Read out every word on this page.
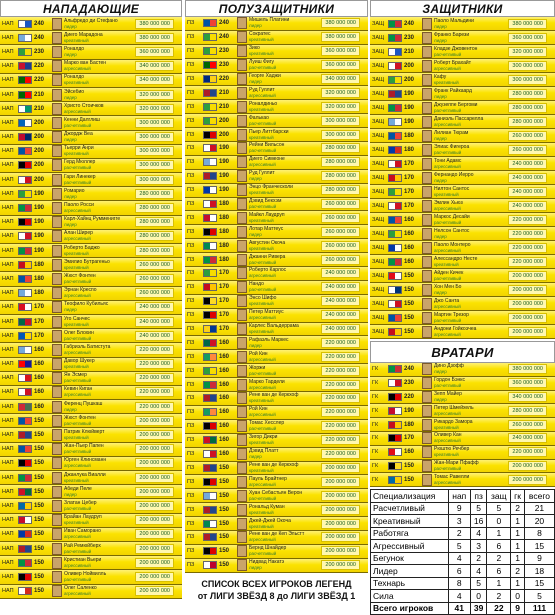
НАПАДАЮЩИЕ
НАП	240	Альфредо ди Стефано
лидер	380 000 000
НАП	240	Диего Марадона
креативный	380 000 000
НАП	230	Роналдо
лидер	360 000 000
НАП	220	Марко ван Бастен
агрессивный	340 000 000
НАП	220	Роналдо
креативный	340 000 000
НАП	210	Эйсебио
лидер	320 000 000
НАП	210	Христо Стоичков
агрессивный	320 000 000
НАП	200	Кенни Далглиш
расчетливый	300 000 000
НАП	200	Джордж Веа
лидер	300 000 000
НАП	200	Тьерри Анри
креативный	300 000 000
НАП	200	Герд Мюллер
расчетливый	300 000 000
НАП	200	Гари Линекер
расчетливый	300 000 000
НАП	190	Ромарио
лидер	280 000 000
НАП	190	Паоло Росси
агрессивный	280 000 000
НАП	190	Карл-Хайнц Румменигге
лидер	280 000 000
НАП	190	Алан Ширер
агрессивный	280 000 000
НАП	190	Роберто Баджо
креативный	280 000 000
НАП	180	Эмилио Бутрагеньо
креативный	260 000 000
НАП	180	Жюст Фонтен
расчетливый	260 000 000
НАП	180	Эрнан Креспо
агрессивный	260 000 000
НАП	170	Теофило Кубильяс
лидер	240 000 000
НАП	170	Уго Санчес
креативный	240 000 000
НАП	170	Олег Блохин
расчетливый	240 000 000
НАП	160	Габриэль Батистута
агрессивный	220 000 000
НАП	160	Давор Шукер
креативный	220 000 000
НАП	160	Ян Эсмер
расчетливый	220 000 000
НАП	160	Кевин Киган
агрессивный	220 000 000
НАП	160	Ференц Пушкаш
лидер	220 000 000
НАП	150	Жюст Фонтен
расчетливый	200 000 000
НАП	150	Патрик Клюйверт
креативный	200 000 000
НАП	150	Жан-Пьер Папен
расчетливый	200 000 000
НАП	150	Юрген Клинсманн
агрессивный	200 000 000
НАП	150	Джанлука Виалли
креативный	200 000 000
НАП	150	Абеди Пеле
лидер	200 000 000
НАП	150	Златан Цебер
расчетливый	200 000 000
НАП	150	Брайан Лаудруп
креативный	200 000 000
НАП	150	Иван Саморано
агрессивный	200 000 000
НАП	150	Рай Ремюйберх
расчетливый	200 000 000
НАП	150	Кристиан Вьери
агрессивный	200 000 000
НАП	150	Оливер Нойвилль
расчетливый	200 000 000
НАП	150	Олег Саленко
агрессивный	200 000 000
ПОЛУЗАЩИТНИКИ
ПЗ	240	Мишель Платини
лидер	380 000 000
ПЗ	240	Сократес
креативный	380 000 000
ПЗ	230	Зико
креативный	360 000 000
ПЗ	230	Луиш Фигу
расчетливый	360 000 000
ПЗ	220	Георге Хаджи
лидер	340 000 000
ПЗ	210	Руд Гуллит
агрессивный	320 000 000
ПЗ	210	Роналдиньо
креативный	320 000 000
ПЗ	200	Фалькао
расчетливый	300 000 000
ПЗ	200	Пьер Литтбарски
креативный	300 000 000
ПЗ	190	Рейни Вильсон
расчетливый	280 000 000
ПЗ	190	Диего Симеоне
агрессивный	280 000 000
ПЗ	190	Руд Гуллит
лидер	280 000 000
ПЗ	190	Энцо Франческоли
креативный	280 000 000
ПЗ	180	Дэвид Бекхэм
расчетливый	260 000 000
ПЗ	180	Майкл Лаудруп
креативный	260 000 000
ПЗ	180	Лотар Маттеус
лидер	260 000 000
ПЗ	180	Августин Окоча
креативный	260 000 000
ПЗ	180	Джанни Ривера
расчетливый	260 000 000
ПЗ	170	Роберто Карлос
агрессивный	240 000 000
ПЗ	170	Нандо
расчетливый	240 000 000
ПЗ	170	Энсо Шифо
креативный	240 000 000
ПЗ	170	Петер Маттиус
агрессивный	240 000 000
ПЗ	170	Карлес Вальдеррама
креативный	240 000 000
ПЗ	160	Рафаэль Маркес
лидер	220 000 000
ПЗ	160	Рой Кин
агрессивный	220 000 000
ПЗ	160	Жоржи
расчетливый	220 000 000
ПЗ	160	Марко Тардели
агрессивный	220 000 000
ПЗ	160	Рене ван де Керкхоф
креативный	220 000 000
ПЗ	160	Рой Кин
агрессивный	220 000 000
ПЗ	160	Томас Хесслер
расчетливый	220 000 000
ПЗ	160	Зигор Дикри
креативный	220 000 000
ПЗ	160	Дэвид Платт
лидер	220 000 000
ПЗ	150	Рене ван де Керкхоф
креативный	200 000 000
ПЗ	150	Пауль Брайтнер
агрессивный	200 000 000
ПЗ	150	Хуан Себастьян Верон
расчетливый	200 000 000
ПЗ	150	Рональд Куман
креативный	200 000 000
ПЗ	150	Джей-Джей Окоча
креативный	200 000 000
ПЗ	150	Рене ван де Кеп Эльстт
агрессивный	200 000 000
ПЗ	150	Бернд Шнайдер
расчетливый	200 000 000
ПЗ	150	Нидвад Накатэ
лидер	200 000 000
ЗАЩИТНИКИ
ЗАЩ	240	Паоло Мальдини
лидер	380 000 000
ЗАЩ	230	Франко Барези
лидер	360 000 000
ЗАЩ	210	Кладзе Джовентон
расчетливый	320 000 000
ЗАЩ	200	Роберт Брахайт
агрессивный	300 000 000
ЗАЩ	200	Кафу
креативный	300 000 000
ЗАЩ	190	Франк Райкаард
лидер	280 000 000
ЗАЩ	190	Джузеппе Бергоми
расчетливый	280 000 000
ЗАЩ	190	Даниэль Пассарелла
агрессивный	280 000 000
ЗАЩ	180	Лилиан Тюрам
лидер	260 000 000
ЗАЩ	180	Элиас Фигероа
расчетливый	260 000 000
ЗАЩ	170	Тони Адамс
агрессивный	240 000 000
ЗАЩ	170	Фернандо Йерро
лидер	240 000 000
ЗАЩ	170	Нилтон Сантос
креативный	240 000 000
ЗАЩ	170	Эмлин Хьюз
агрессивный	240 000 000
ЗАЩ	160	Маркос Десайи
расчетливый	220 000 000
ЗАЩ	160	Нелсон Сантос
лидер	220 000 000
ЗАЩ	160	Паоло Монтеро
агрессивный	220 000 000
ЗАЩ	160	Алессандро Несте
креативный	220 000 000
ЗАЩ	150	Айден Кичек
расчетливый	200 000 000
ЗАЩ	150	Хон Мен Бо
лидер	200 000 000
ЗАЩ	150	Джо Санта
агрессивный	200 000 000
ЗАЩ	150	Мартин Трезор
расчетливый	200 000 000
ЗАЩ	150	Андони Гойкоэчеа
агрессивный	200 000 000
ВРАТАРИ
ГК	240	Дино Дзофф
лидер	380 000 000
ГК	230	Гордон Бэнкс
расчетливый	360 000 000
ГК	220	Зепп Майер
лидер	340 000 000
ГК	190	Петер Шмейхель
агрессивный	280 000 000
ГК	180	Рикардо Замора
креативный	260 000 000
ГК	170	Оливер Кан
агрессивный	240 000 000
ГК	160	Рюштю Речбер
креативный	220 000 000
ГК	150	Жан-Мари Пфафф
расчетливый	200 000 000
ГК	150	Томас Равелли
агрессивный	200 000 000
СПИСОК ВСЕХ ИГРОКОВ ЛЕГЕНД
от ЛИГИ ЗВЁЗД 8 до ЛИГИ ЗВЁЗД 1
Специализация	нап	пз	защ	гк	всего
Расчетливый	9	5	5	2	21
Креативный	3	16	0	1	20
Работяга	2	4	1	1	8
Агрессивный	5	3	6	1	15
Бегунок	4	2	2	1	9
Лидер	6	4	6	2	18
Технарь	8	5	1	1	15
Сила	4	0	2	0	5
Всего игроков	41	39	22	9	111
